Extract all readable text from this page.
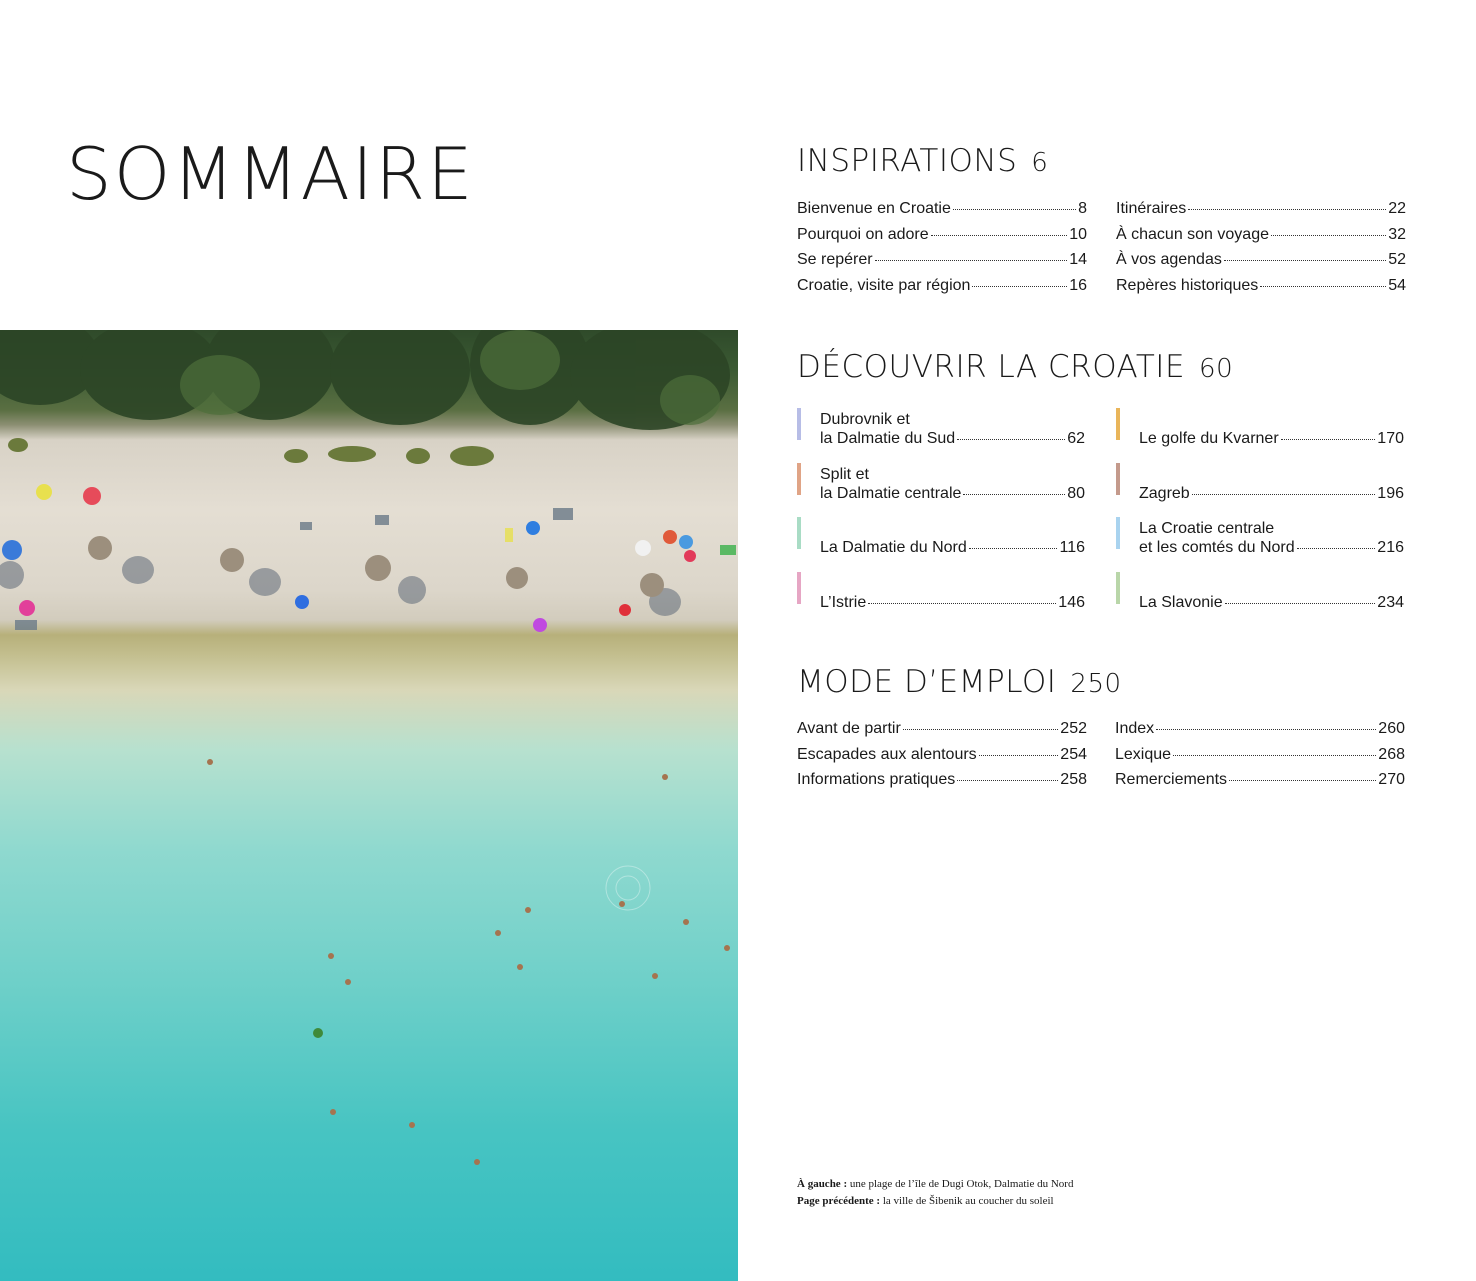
SOMMAIRE	INSPIRATIONS 6
Bienvenue en Croatie	8
Pourquoi on adore	10
Se repérer	14
Croatie, visite par région	16
Itinéraires	22
À chacun son voyage	32
À vos agendas	52
Repères historiques	54
DÉCOUVRIR LA CROATIE 60
Dubrovnik et
la Dalmatie du Sud	62
Split et
la Dalmatie centrale	80
La Dalmatie du Nord	116
L’Istrie	146
Le golfe du Kvarner	170
Zagreb	196
La Croatie centrale
et les comtés du Nord	216
La Slavonie	234
MODE D’EMPLOI 250
Avant de partir	252
Escapades aux alentours	254
Informations pratiques	258
Index	260
Lexique	268
Remerciements	270
À gauche : une plage de l’île de Dugi Otok, Dalmatie du Nord
Page précédente : la ville de Šibenik au coucher du soleil
